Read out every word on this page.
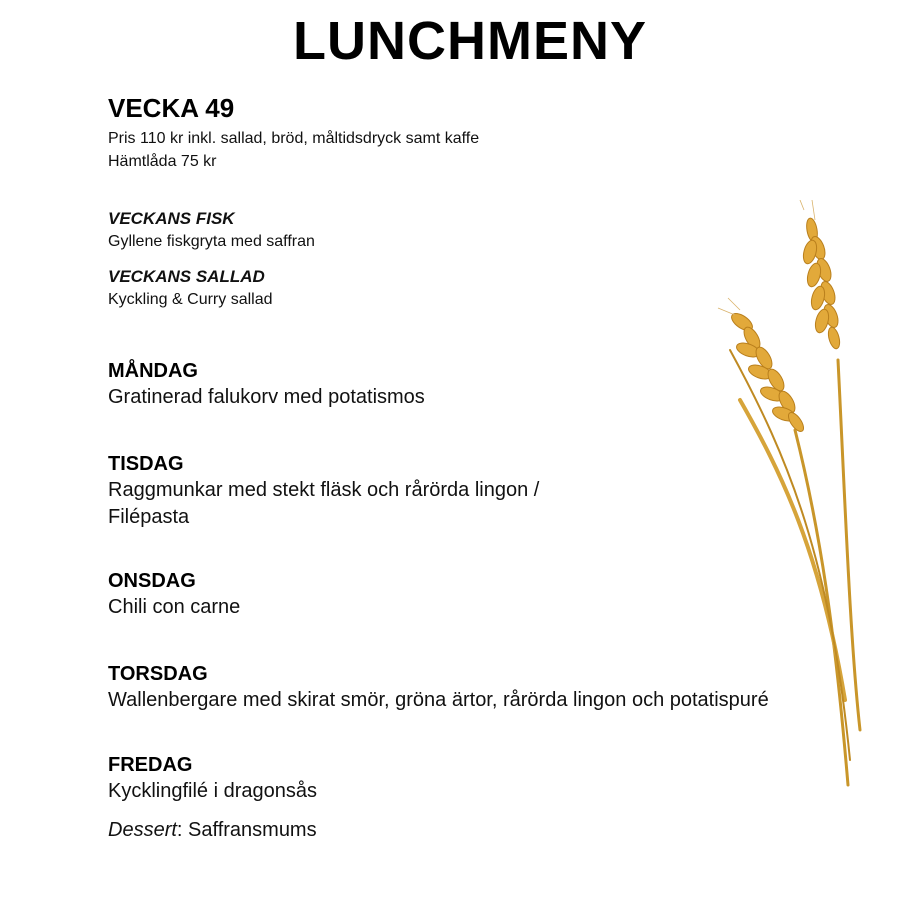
LUNCHMENY
VECKA 49
Pris 110 kr inkl. sallad, bröd, måltidsdryck samt kaffe
Hämtlåda 75 kr
VECKANS FISK
Gyllene fiskgryta med saffran
VECKANS SALLAD
Kyckling & Curry sallad
MÅNDAG
Gratinerad falukorv med potatismos
TISDAG
Raggmunkar med stekt fläsk och rårörda lingon /
Filépasta
ONSDAG
Chili con carne
TORSDAG
Wallenbergare med skirat smör, gröna ärtor, rårörda lingon och potatispuré
FREDAG
Kycklingfilé i dragonsås
Dessert: Saffransmums
